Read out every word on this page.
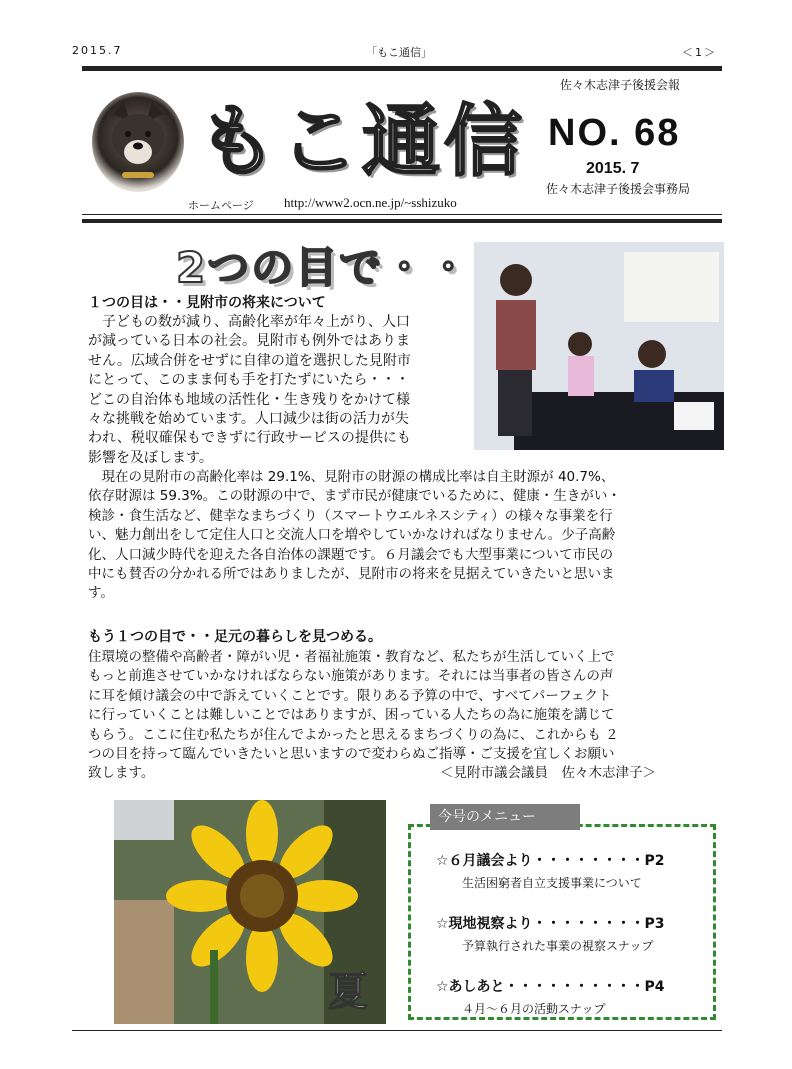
2015.7	「もこ通信」	＜1＞
佐々木志津子後援会報
もこ通信 NO. 68
2015. 7
佐々木志津子後援会事務局
ホームページ http://www2.ocn.ne.jp/~sshizuko
2つの目で・・
１つの目は・・見附市の将来について
　子どもの数が減り、高齢化率が年々上がり、人口
が減っている日本の社会。見附市も例外ではありま
せん。広域合併をせずに自律の道を選択した見附市
にとって、このまま何も手を打たずにいたら・・・
どこの自治体も地域の活性化・生き残りをかけて様
々な挑戦を始めています。人口減少は街の活力が失
われ、税収確保もできずに行政サービスの提供にも
影響を及ぼします。
　現在の見附市の高齢化率は 29.1%、見附市の財源の構成比率は自主財源が 40.7%、
依存財源は 59.3%。この財源の中で、まず市民が健康でいるために、健康・生きがい・
検診・食生活など、健幸なまちづくり（スマートウエルネスシティ）の様々な事業を行
い、魅力創出をして定住人口と交流人口を増やしていかなければなりません。少子高齢
化、人口減少時代を迎えた各自治体の課題です。６月議会でも大型事業について市民の
中にも賛否の分かれる所ではありましたが、見附市の将来を見据えていきたいと思いま
す。
もう１つの目で・・足元の暮らしを見つめる。
住環境の整備や高齢者・障がい児・者福祉施策・教育など、私たちが生活していく上で
もっと前進させていかなければならない施策があります。それには当事者の皆さんの声
に耳を傾け議会の中で訴えていくことです。限りある予算の中で、すべてパーフェクト
に行っていくことは難しいことではありますが、困っている人たちの為に施策を講じて
もらう。ここに住む私たちが住んでよかったと思えるまちづくりの為に、これからも ２
つの目を持って臨んでいきたいと思いますので変わらぬご指導・ご支援を宜しくお願い
致します。	＜見附市議会議員　佐々木志津子＞
夏
今号のメニュー
☆６月議会より・・・・・・・・P2
生活困窮者自立支援事業について
☆現地視察より・・・・・・・・P3
予算執行された事業の視察スナップ
☆あしあと・・・・・・・・・・P4
４月～６月の活動スナップ
